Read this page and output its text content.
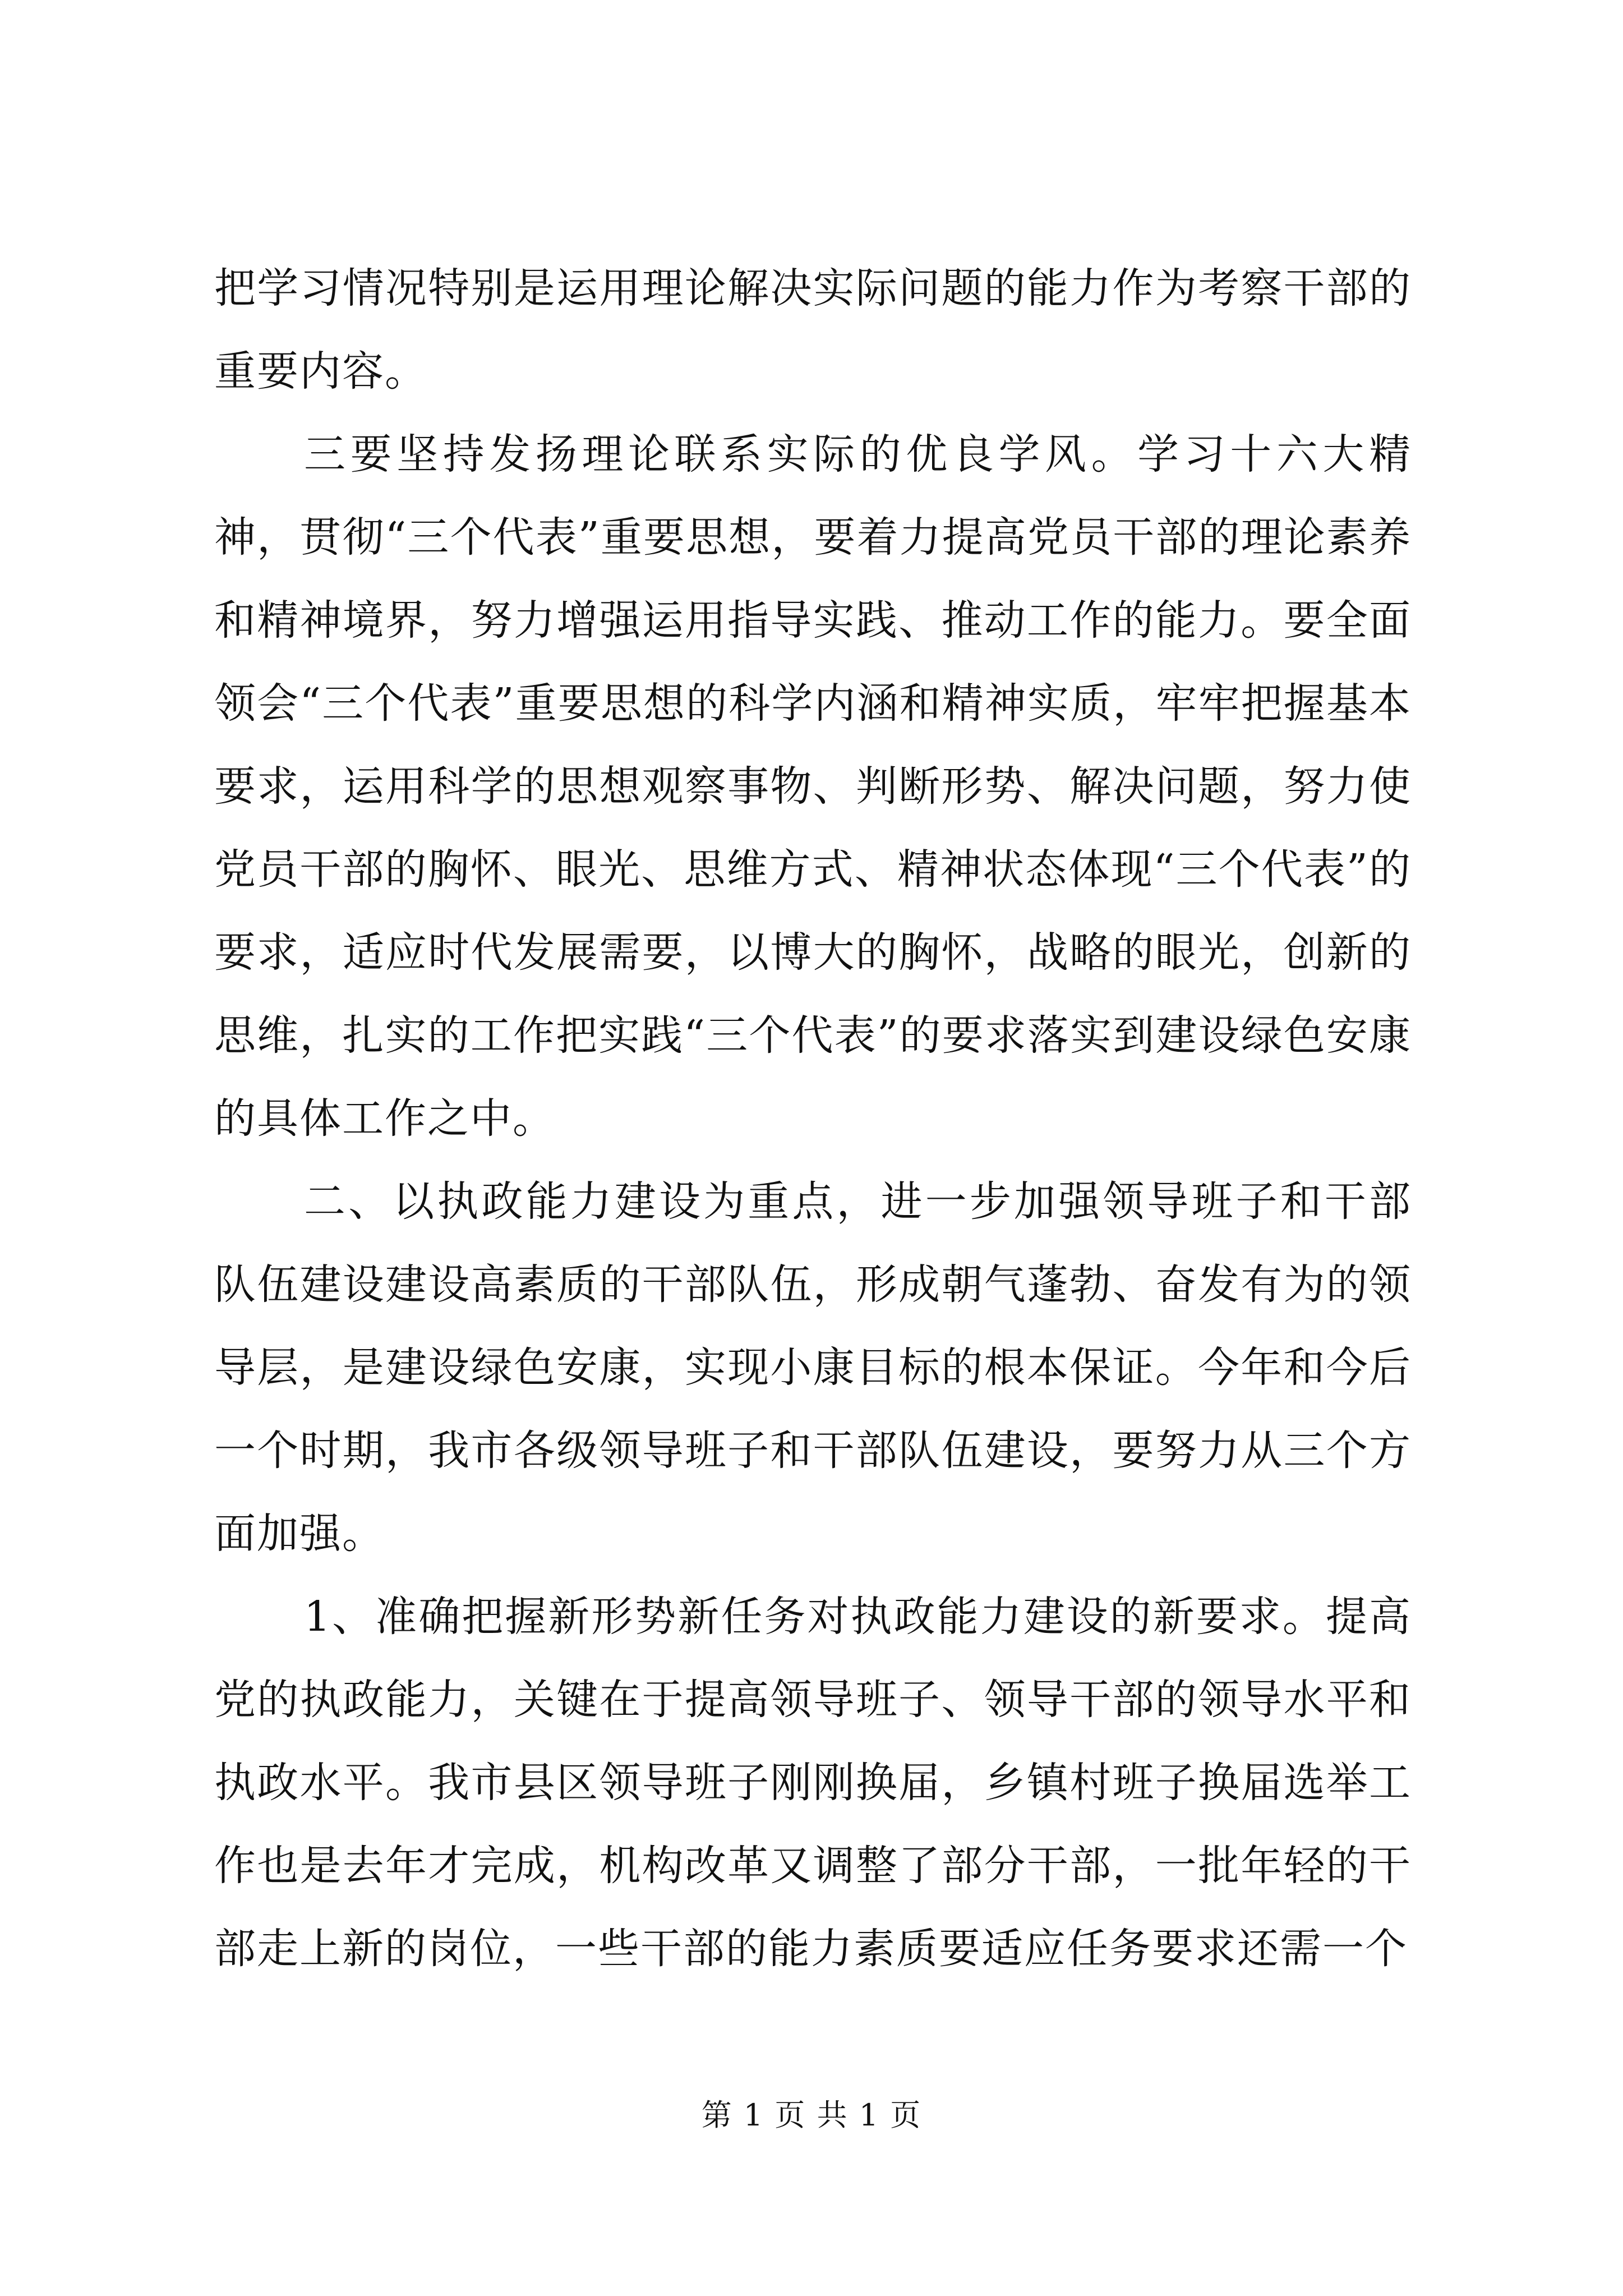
把学习情况特别是运用理论解决实际问题的能力作为考察干部的重要内容。

三要坚持发扬理论联系实际的优良学风。学习十六大精神，贯彻“三个代表”重要思想，要着力提高党员干部的理论素养和精神境界，努力增强运用指导实践、推动工作的能力。要全面领会“三个代表”重要思想的科学内涵和精神实质，牢牢把握基本要求，运用科学的思想观察事物、判断形势、解决问题，努力使党员干部的胸怀、眼光、思维方式、精神状态体现“三个代表”的要求，适应时代发展需要，以博大的胸怀，战略的眼光，创新的思维，扎实的工作把实践“三个代表”的要求落实到建设绿色安康的具体工作之中。

二、以执政能力建设为重点，进一步加强领导班子和干部队伍建设建设高素质的干部队伍，形成朝气蓬勃、奋发有为的领导层，是建设绿色安康，实现小康目标的根本保证。今年和今后一个时期，我市各级领导班子和干部队伍建设，要努力从三个方面加强。

1、准确把握新形势新任务对执政能力建设的新要求。提高党的执政能力，关键在于提高领导班子、领导干部的领导水平和执政水平。我市县区领导班子刚刚换届，乡镇村班子换届选举工作也是去年才完成，机构改革又调整了部分干部，一批年轻的干部走上新的岗位，一些干部的能力素质要适应任务要求还需一个

第 1 页 共 1 页
